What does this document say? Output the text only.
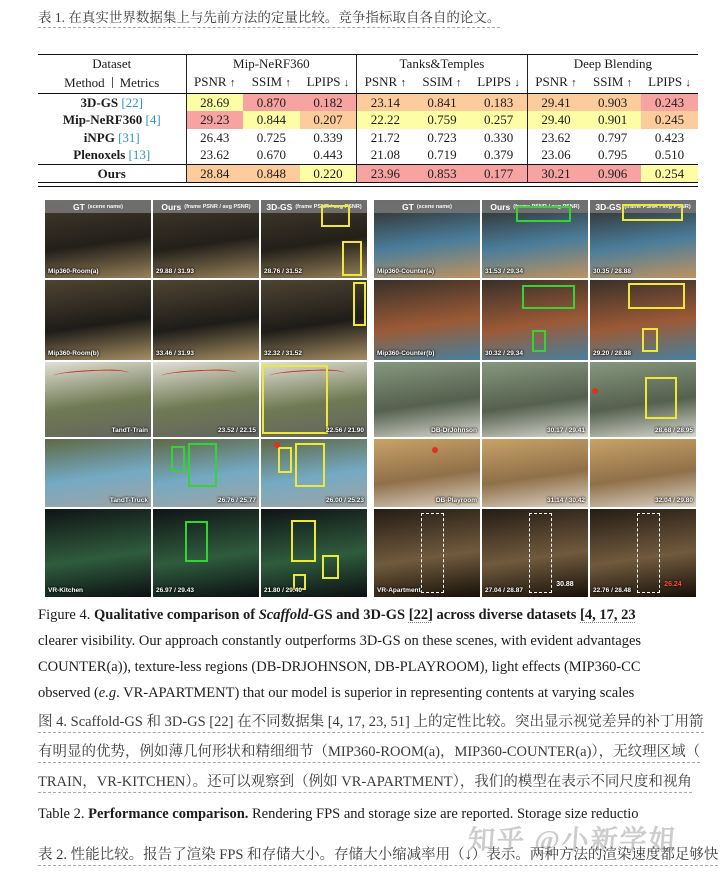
表 1. 在真实世界数据集上与先前方法的定量比较。竞争指标取自各自的论文。
Dataset	Mip-NeRF360			Tanks&Temples			Deep Blending		
Method Metrics	PSNR ↑	SSIM ↑	LPIPS ↓	PSNR ↑	SSIM ↑	LPIPS ↓	PSNR ↑	SSIM ↑	LPIPS ↓
3D-GS [22]	28.69	0.870	0.182	23.14	0.841	0.183	29.41	0.903	0.243
Mip-NeRF360 [4]	29.23	0.844	0.207	22.22	0.759	0.257	29.40	0.901	0.245
iNPG [31]	26.43	0.725	0.339	21.72	0.723	0.330	23.62	0.797	0.423
Plenoxels [13]	23.62	0.670	0.443	21.08	0.719	0.379	23.06	0.795	0.510
Ours	28.84	0.848	0.220	23.96	0.853	0.177	30.21	0.906	0.254
GT (scene name)
Mip360-Room(a)
Ours (frame PSNR / avg PSNR)
29.88 / 31.93
3D-GS (frame PSNR / avg PSNR)
28.76 / 31.52
GT (scene name)
Mip360-Counter(a)
Ours (frame PSNR / avg PSNR)
31.53 / 29.34
3D-GS (frame PSNR / avg PSNR)
30.35 / 28.88
Mip360-Room(b)	33.46 / 31.93	32.32 / 31.52	Mip360-Counter(b)	30.32 / 29.34	29.20 / 28.88
TandT-Train	23.52 / 22.15	22.56 / 21.90	DB-DrJohnson	30.17 / 29.41	28.68 / 28.95
TandT-Truck	26.76 / 25.77	26.00 / 25.23	DB-Playroom	31.14 / 30.42	32.04 / 29.80
VR-Kitchen	26.97 / 29.43	21.80 / 29.40	VR-Apartment
30.88
27.04 / 28.87
26.24
22.76 / 28.48
Figure 4. Qualitative comparison of Scaffold-GS and 3D-GS [22] across diverse datasets [4, 17, 23
clearer visibility. Our approach constantly outperforms 3D-GS on these scenes, with evident advantages
COUNTER(a)), texture-less regions (DB-DRJOHNSON, DB-PLAYROOM), light effects (MIP360-CC
observed (e.g. VR-APARTMENT) that our model is superior in representing contents at varying scales
图 4. Scaffold-GS 和 3D-GS [22] 在不同数据集 [4, 17, 23, 51] 上的定性比较。突出显示视觉差异的补丁用箭
有明显的优势，例如薄几何形状和精细细节（MIP360-ROOM(a)，MIP360-COUNTER(a)），无纹理区域（
TRAIN，VR-KITCHEN）。还可以观察到（例如 VR-APARTMENT），我们的模型在表示不同尺度和视角
Table 2. Performance comparison. Rendering FPS and storage size are reported. Storage size reductio
表 2. 性能比较。报告了渲染 FPS 和存储大小。存储大小缩减率用（↓）表示。两种方法的渲染速度都足够快
知乎 @小新学姐
